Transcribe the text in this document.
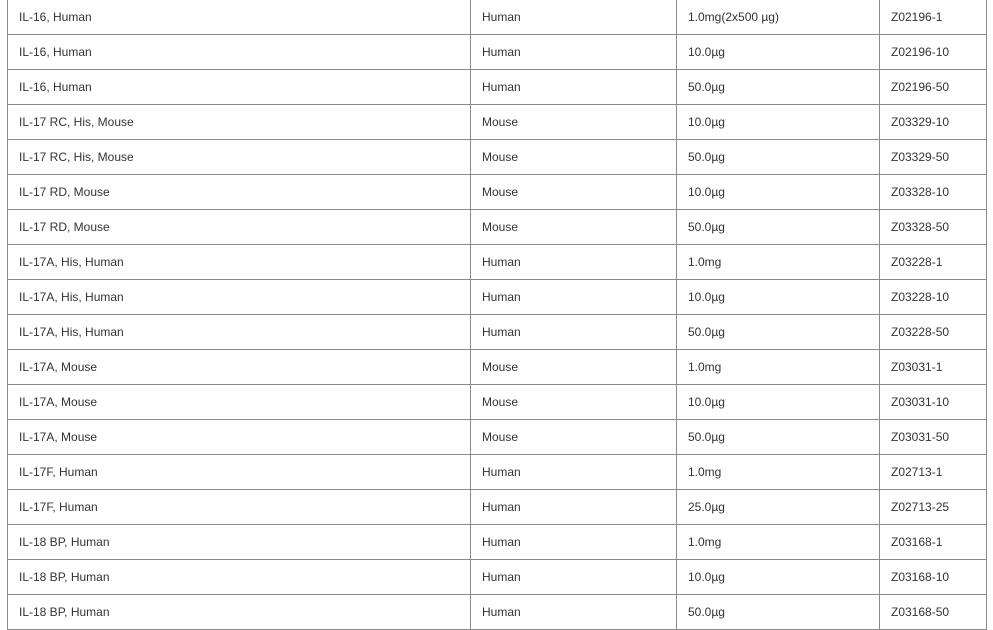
IL-16, Human	Human	1.0mg(2x500 µg)	Z02196-1
IL-16, Human	Human	10.0µg	Z02196-10
IL-16, Human	Human	50.0µg	Z02196-50
IL-17 RC, His, Mouse	Mouse	10.0µg	Z03329-10
IL-17 RC, His, Mouse	Mouse	50.0µg	Z03329-50
IL-17 RD, Mouse	Mouse	10.0µg	Z03328-10
IL-17 RD, Mouse	Mouse	50.0µg	Z03328-50
IL-17A, His, Human	Human	1.0mg	Z03228-1
IL-17A, His, Human	Human	10.0µg	Z03228-10
IL-17A, His, Human	Human	50.0µg	Z03228-50
IL-17A, Mouse	Mouse	1.0mg	Z03031-1
IL-17A, Mouse	Mouse	10.0µg	Z03031-10
IL-17A, Mouse	Mouse	50.0µg	Z03031-50
IL-17F, Human	Human	1.0mg	Z02713-1
IL-17F, Human	Human	25.0µg	Z02713-25
IL-18 BP, Human	Human	1.0mg	Z03168-1
IL-18 BP, Human	Human	10.0µg	Z03168-10
IL-18 BP, Human	Human	50.0µg	Z03168-50
